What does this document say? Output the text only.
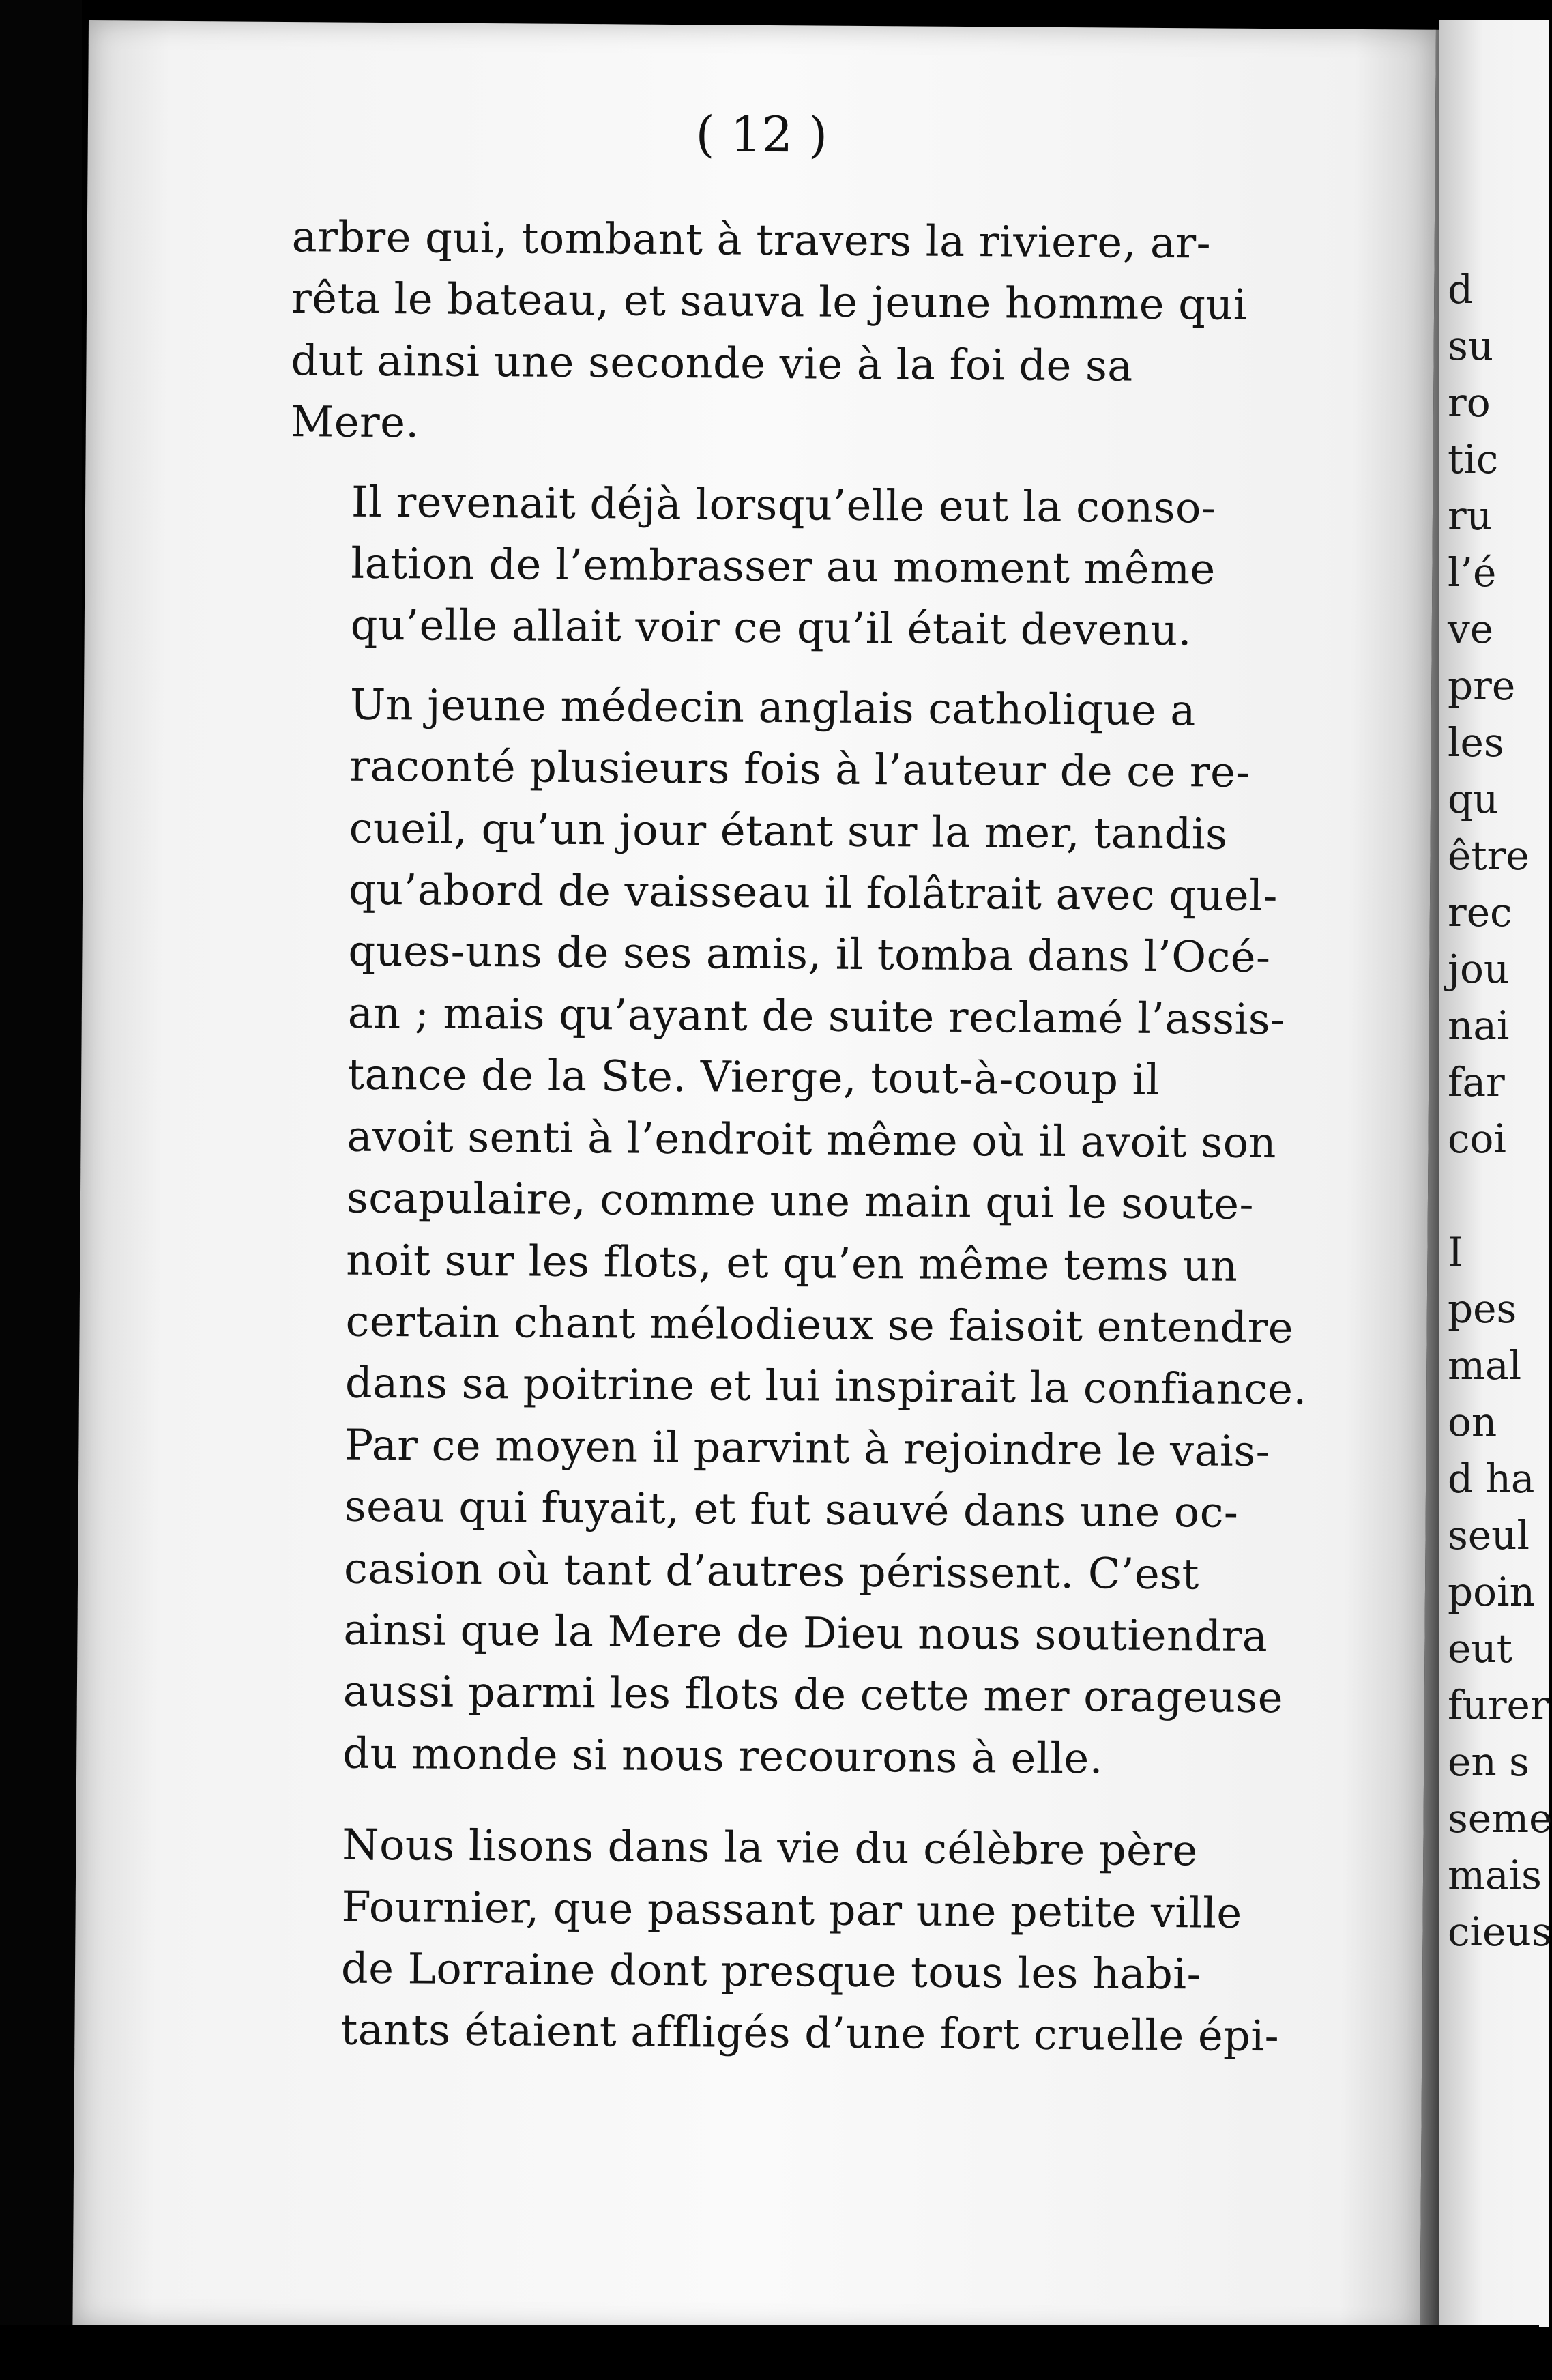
( 12 )

arbre qui, tombant à travers la riviere, ar-
rêta le bateau, et sauva le jeune homme qui
dut ainsi une seconde vie à la foi de sa
Mere.

Il revenait déjà lorsqu’elle eut la conso-
lation de l’embrasser au moment même
qu’elle allait voir ce qu’il était devenu.

Un jeune médecin anglais catholique a
raconté plusieurs fois à l’auteur de ce re-
cueil, qu’un jour étant sur la mer, tandis
qu’abord de vaisseau il folâtrait avec quel-
ques-uns de ses amis, il tomba dans l’Océ-
an ; mais qu’ayant de suite reclamé l’assis-
tance de la Ste. Vierge, tout-à-coup il
avoit senti à l’endroit même où il avoit son
scapulaire, comme une main qui le soute-
noit sur les flots, et qu’en même tems un
certain chant mélodieux se faisoit entendre
dans sa poitrine et lui inspirait la confiance.
Par ce moyen il parvint à rejoindre le vais-
seau qui fuyait, et fut sauvé dans une oc-
casion où tant d’autres périssent. C’est
ainsi que la Mere de Dieu nous soutiendra
aussi parmi les flots de cette mer orageuse
du monde si nous recourons à elle.

Nous lisons dans la vie du célèbre père
Fournier, que passant par une petite ville
de Lorraine dont presque tous les habi-
tants étaient affligés d’une fort cruelle épi-

d
su
ro
tic
ru
l’é
ve
pre
les
qu
être
rec
jou
nai
far
coi
I
pes
mal
on
d ha
seul
poin
eut
furer
en s
seme
mais
cieus
